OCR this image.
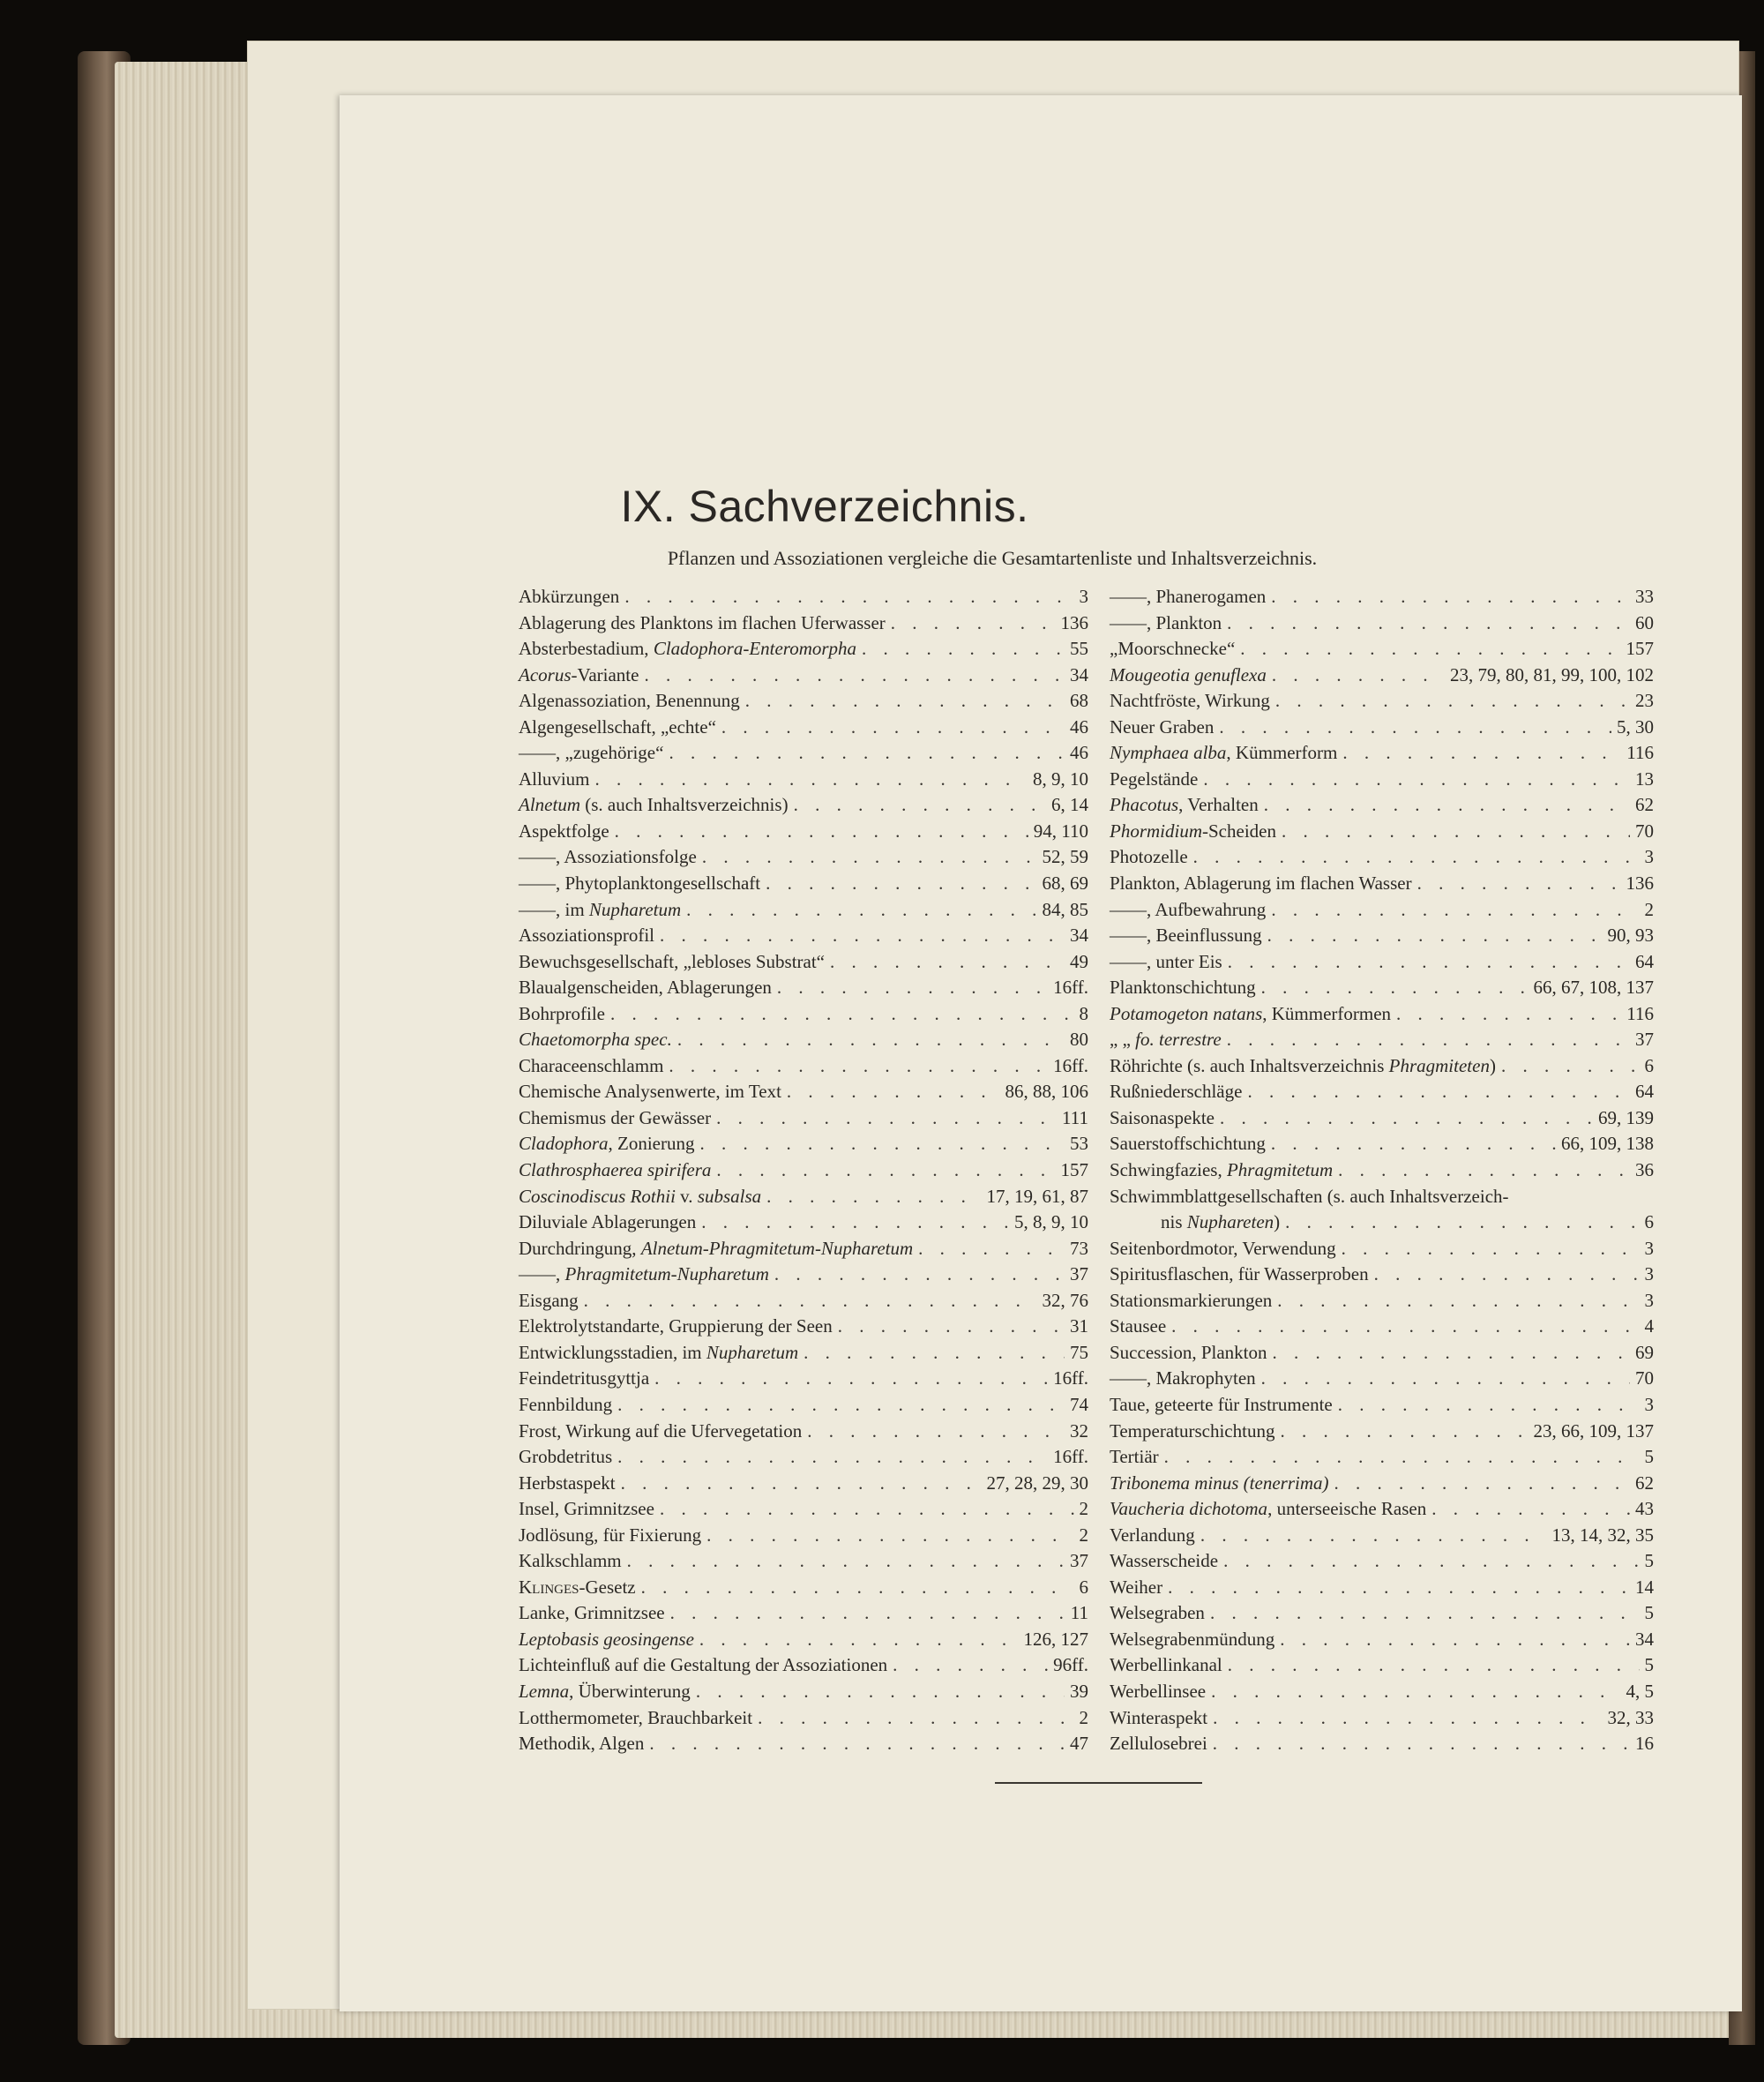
IX. Sachverzeichnis.
Pflanzen und Assoziationen vergleiche die Gesamtartenliste und Inhaltsverzeichnis.
Abkürzungen . . .	3
Ablagerung des Planktons im flachen Uferwasser . . .	136
Absterbestadium, Cladophora-Enteromorpha . . .	55
Acorus-Variante . . .	34
Algenassoziation, Benennung . . .	68
Algengesellschaft, „echte“ . . .	46
——, „zugehörige“ . . .	46
Alluvium . . .	8, 9, 10
Alnetum (s. auch Inhaltsverzeichnis) . . .	6, 14
Aspektfolge . . .	94, 110
——, Assoziationsfolge . . .	52, 59
——, Phytoplanktongesellschaft . . .	68, 69
——, im Nupharetum . . .	84, 85
Assoziationsprofil . . .	34
Bewuchsgesellschaft, „lebloses Substrat“ . . .	49
Blaualgenscheiden, Ablagerungen . . .	16ff.
Bohrprofile . . .	8
Chaetomorpha spec. . . .	80
Characeenschlamm . . .	16ff.
Chemische Analysenwerte, im Text . . .	86, 88, 106
Chemismus der Gewässer . . .	111
Cladophora, Zonierung . . .	53
Clathrosphaerea spirifera . . .	157
Coscinodiscus Rothii v. subsalsa . . .	17, 19, 61, 87
Diluviale Ablagerungen . . .	5, 8, 9, 10
Durchdringung, Alnetum-Phragmitetum-Nupharetum . . .	73
——, Phragmitetum-Nupharetum . . .	37
Eisgang . . .	32, 76
Elektrolytstandarte, Gruppierung der Seen . . .	31
Entwicklungsstadien, im Nupharetum . . .	75
Feindetritusgyttja . . .	16ff.
Fennbildung . . .	74
Frost, Wirkung auf die Ufervegetation . . .	32
Grobdetritus . . .	16ff.
Herbstaspekt . . .	27, 28, 29, 30
Insel, Grimnitzsee . . .	2
Jodlösung, für Fixierung . . .	2
Kalkschlamm . . .	37
Klinges-Gesetz . . .	6
Lanke, Grimnitzsee . . .	11
Leptobasis geosingense . . .	126, 127
Lichteinfluß auf die Gestaltung der Assoziationen . . .	96ff.
Lemna, Überwinterung . . .	39
Lotthermometer, Brauchbarkeit . . .	2
Methodik, Algen . . .	47
——, Phanerogamen . . .	33
——, Plankton . . .	60
„Moorschnecke“ . . .	157
Mougeotia genuflexa . . .	23, 79, 80, 81, 99, 100, 102
Nachtfröste, Wirkung . . .	23
Neuer Graben . . .	5, 30
Nymphaea alba, Kümmerform . . .	116
Pegelstände . . .	13
Phacotus, Verhalten . . .	62
Phormidium-Scheiden . . .	70
Photozelle . . .	3
Plankton, Ablagerung im flachen Wasser . . .	136
——, Aufbewahrung . . .	2
——, Beeinflussung . . .	90, 93
——, unter Eis . . .	64
Planktonschichtung . . .	66, 67, 108, 137
Potamogeton natans, Kümmerformen . . .	116
„ „ fo. terrestre . . .	37
Röhrichte (s. auch Inhaltsverzeichnis Phragmiteten) . . .	6
Rußniederschläge . . .	64
Saisonaspekte . . .	69, 139
Sauerstoffschichtung . . .	66, 109, 138
Schwingfazies, Phragmitetum . . .	36
Schwimmblattgesellschaften (s. auch Inhaltsverzeich-
nis Nuphareten) . . .	6
Seitenbordmotor, Verwendung . . .	3
Spiritusflaschen, für Wasserproben . . .	3
Stationsmarkierungen . . .	3
Stausee . . .	4
Succession, Plankton . . .	69
——, Makrophyten . . .	70
Taue, geteerte für Instrumente . . .	3
Temperaturschichtung . . .	23, 66, 109, 137
Tertiär . . .	5
Tribonema minus (tenerrima) . . .	62
Vaucheria dichotoma, unterseeische Rasen . . .	43
Verlandung . . .	13, 14, 32, 35
Wasserscheide . . .	5
Weiher . . .	14
Welsegraben . . .	5
Welsegrabenmündung . . .	34
Werbellinkanal . . .	5
Werbellinsee . . .	4, 5
Winteraspekt . . .	32, 33
Zellulosebrei . . .	16
